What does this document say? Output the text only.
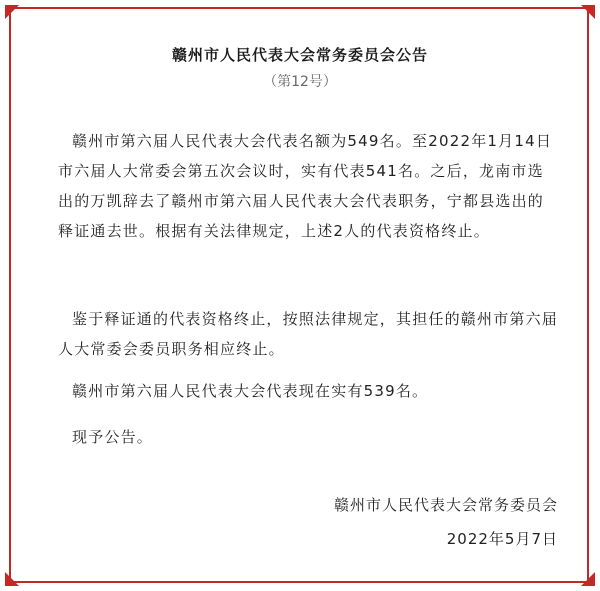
赣州市人民代表大会常务委员会公告
（第12号）

赣州市第六届人民代表大会代表名额为549名。至2022年1月14日市六届人大常委会第五次会议时，实有代表541名。之后，龙南市选出的万凯辞去了赣州市第六届人民代表大会代表职务，宁都县选出的释证通去世。根据有关法律规定，上述2人的代表资格终止。

鉴于释证通的代表资格终止，按照法律规定，其担任的赣州市第六届人大常委会委员职务相应终止。

赣州市第六届人民代表大会代表现在实有539名。

现予公告。

赣州市人民代表大会常务委员会
2022年5月7日
